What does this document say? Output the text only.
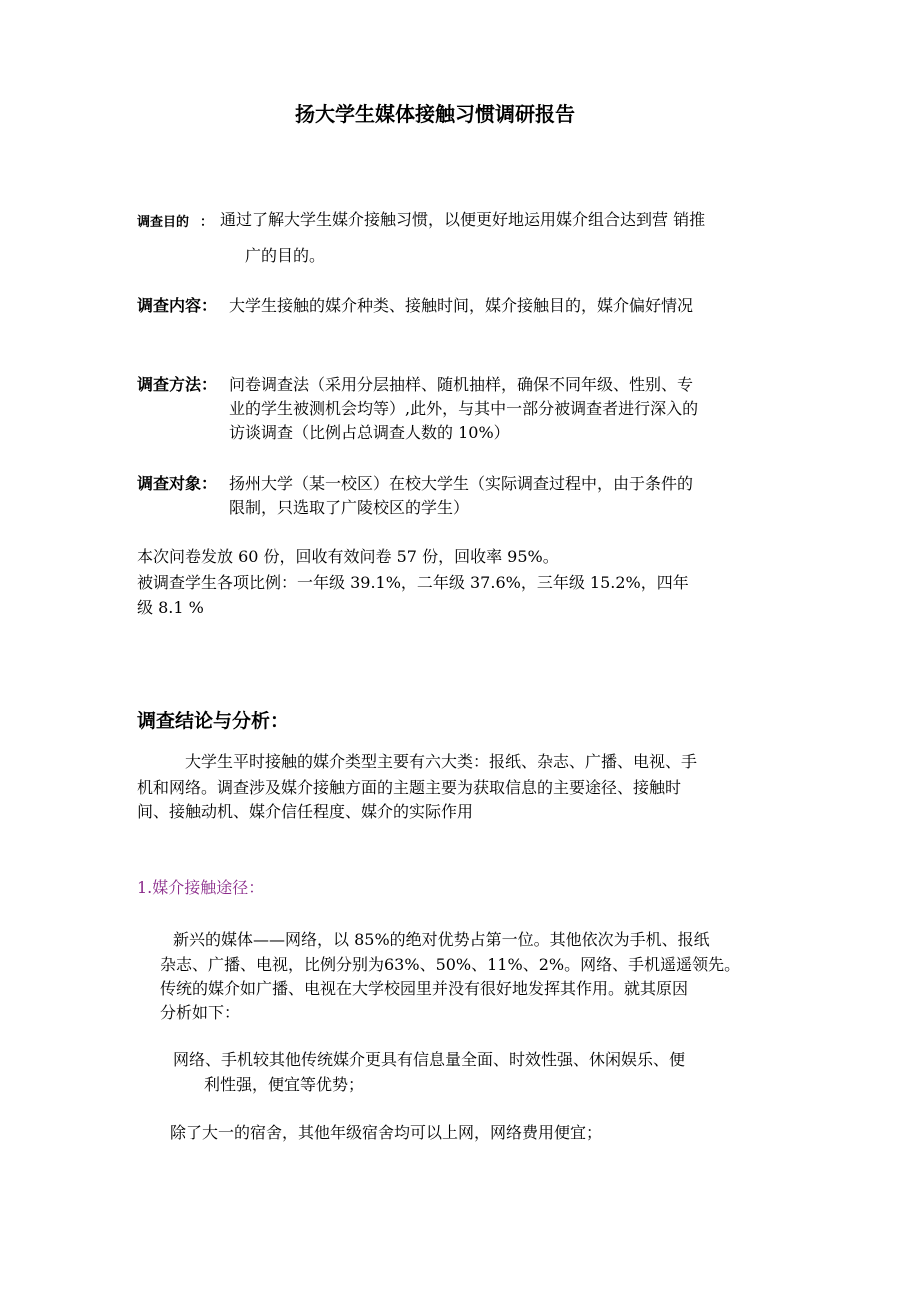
扬大学生媒体接触习惯调研报告
调查目的 ： 通过了解大学生媒介接触习惯，以便更好地运用媒介组合达到营 销推
广的目的。
调查内容： 大学生接触的媒介种类、接触时间，媒介接触目的，媒介偏好情况
调查方法： 问卷调查法（采用分层抽样、随机抽样，确保不同年级、性别、专
业的学生被测机会均等）,此外，与其中一部分被调查者进行深入的
访谈调查（比例占总调查人数的 10%）
调查对象： 扬州大学（某一校区）在校大学生（实际调查过程中，由于条件的
限制，只选取了广陵校区的学生）
本次问卷发放 60 份，回收有效问卷 57 份，回收率 95%。
被调查学生各项比例：一年级 39.1%，二年级 37.6%，三年级 15.2%，四年
级 8.1 %
调查结论与分析：
大学生平时接触的媒介类型主要有六大类：报纸、杂志、广播、电视、手
机和网络。调查涉及媒介接触方面的主题主要为获取信息的主要途径、接触时
间、接触动机、媒介信任程度、媒介的实际作用
1.媒介接触途径：
新兴的媒体——网络，以 85%的绝对优势占第一位。其他依次为手机、报纸
杂志、广播、电视，比例分别为63%、50%、11%、2%。网络、手机遥遥领先。
传统的媒介如广播、电视在大学校园里并没有很好地发挥其作用。就其原因
分析如下：
网络、手机较其他传统媒介更具有信息量全面、时效性强、休闲娱乐、便
利性强，便宜等优势；
除了大一的宿舍，其他年级宿舍均可以上网，网络费用便宜；
